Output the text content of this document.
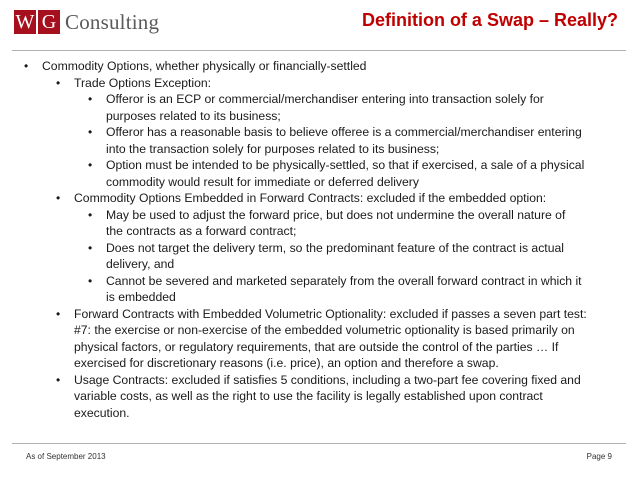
W G Consulting	Definition of a Swap – Really?
• Commodity Options, whether physically or financially-settled
• Trade Options Exception:
• Offeror is an ECP or commercial/merchandiser entering into transaction solely for
purposes related to its business;
• Offeror has a reasonable basis to believe offeree is a commercial/merchandiser entering
into the transaction solely for purposes related to its business;
• Option must be intended to be physically-settled, so that if exercised, a sale of a physical
commodity would result for immediate or deferred delivery
• Commodity Options Embedded in Forward Contracts: excluded if the embedded option:
• May be used to adjust the forward price, but does not undermine the overall nature of
the contracts as a forward contract;
• Does not target the delivery term, so the predominant feature of the contract is actual
delivery, and
• Cannot be severed and marketed separately from the overall forward contract in which it
is embedded
• Forward Contracts with Embedded Volumetric Optionality: excluded if passes a seven part test:
#7: the exercise or non-exercise of the embedded volumetric optionality is based primarily on
physical factors, or regulatory requirements, that are outside the control of the parties … If
exercised for discretionary reasons (i.e. price), an option and therefore a swap.
• Usage Contracts: excluded if satisfies 5 conditions, including a two-part fee covering fixed and
variable costs, as well as the right to use the facility is legally established upon contract
execution.
As of September 2013	Page 9
